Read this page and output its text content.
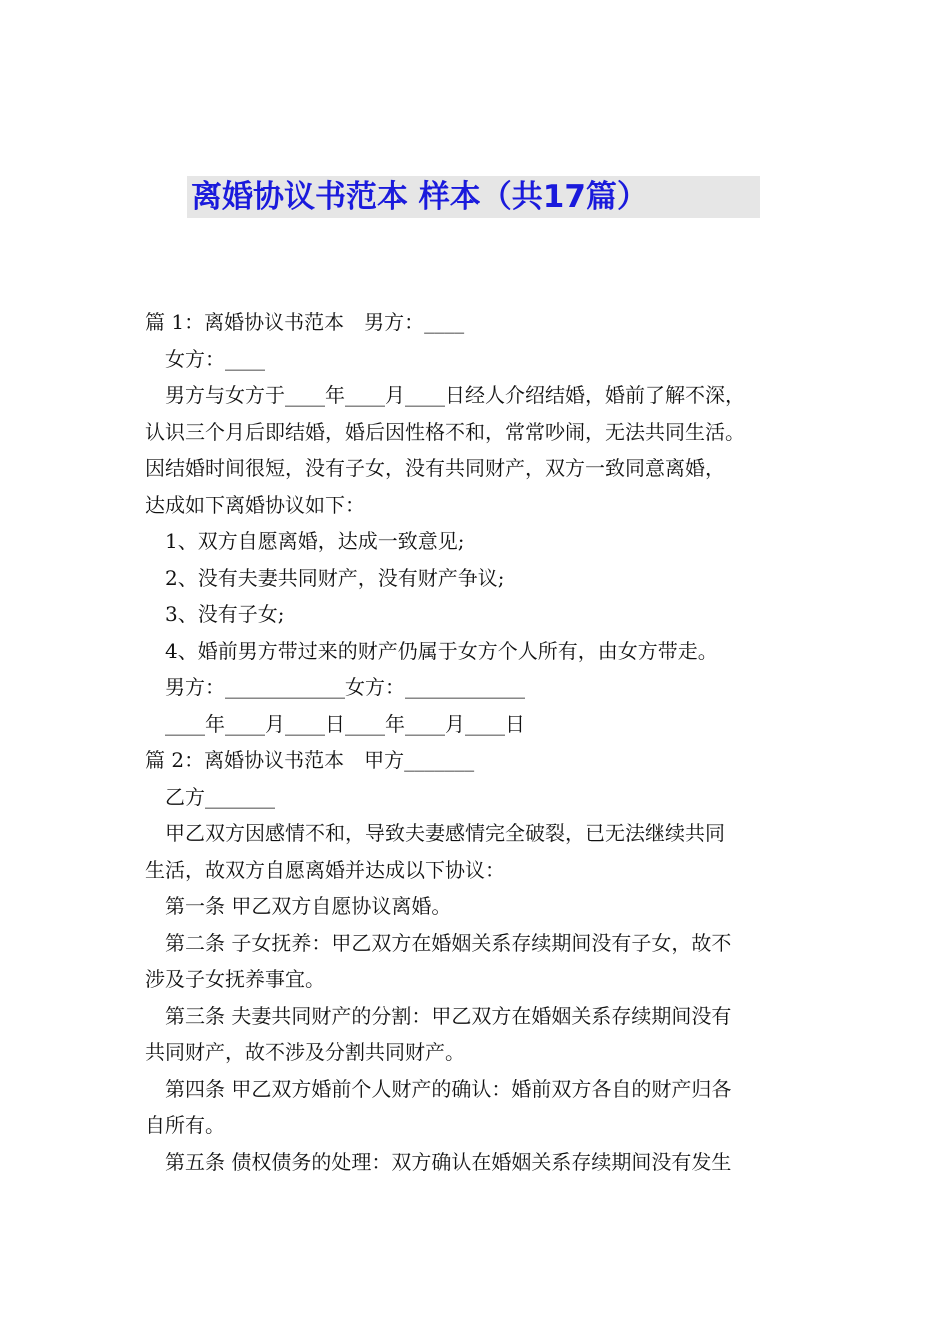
离婚协议书范本 样本（共17篇）
篇 1：离婚协议书范本　男方：____
女方：____
男方与女方于____年____月____日经人介绍结婚，婚前了解不深，
认识三个月后即结婚，婚后因性格不和，常常吵闹，无法共同生活。
因结婚时间很短，没有子女，没有共同财产，双方一致同意离婚，
达成如下离婚协议如下：
1、双方自愿离婚，达成一致意见;
2、没有夫妻共同财产，没有财产争议;
3、没有子女;
4、婚前男方带过来的财产仍属于女方个人所有，由女方带走。
男方：____________女方：____________
____年____月____日____年____月____日
篇 2：离婚协议书范本　甲方_______
乙方_______
甲乙双方因感情不和，导致夫妻感情完全破裂，已无法继续共同
生活，故双方自愿离婚并达成以下协议：
第一条 甲乙双方自愿协议离婚。
第二条 子女抚养：甲乙双方在婚姻关系存续期间没有子女，故不
涉及子女抚养事宜。
第三条 夫妻共同财产的分割：甲乙双方在婚姻关系存续期间没有
共同财产，故不涉及分割共同财产。
第四条 甲乙双方婚前个人财产的确认：婚前双方各自的财产归各
自所有。
第五条 债权债务的处理：双方确认在婚姻关系存续期间没有发生
